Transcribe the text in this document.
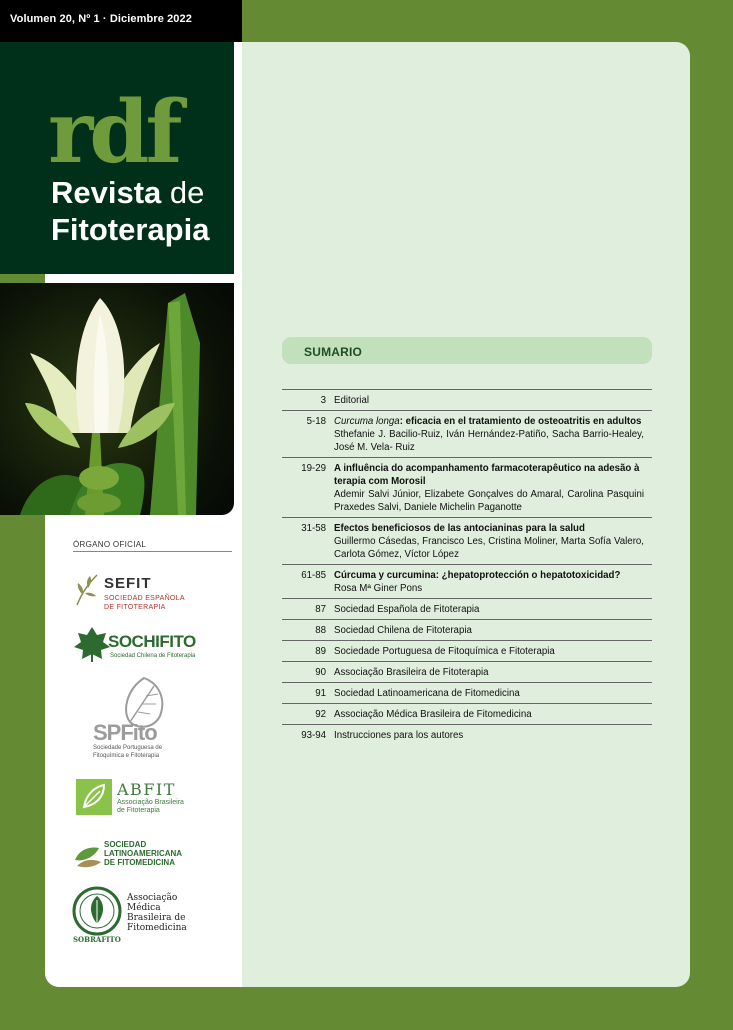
Volumen 20, Nº 1 · Diciembre 2022
rdf
Revista de
Fitoterapia
ÓRGANO OFICIAL
SEFIT
SOCIEDAD ESPAÑOLA
DE FITOTERAPIA
SOCHIFITO
Sociedad Chilena de Fitoterapia
SPFito
Sociedade Portuguesa de
Fitoquímica e Fitoterapia
ABFIT
Associação Brasileira
de Fitoterapia
SOCIEDAD
LATINOAMERICANA
DE FITOMEDICINA
Associação
Médica
Brasileira de
Fitomedicina
SOBRAFITO
SUMARIO
3 Editorial
5-18 Curcuma longa: eficacia en el tratamiento de osteoatritis en adultos
Sthefanie J. Bacilio-Ruiz, Iván Hernández-Patiño, Sacha Barrio-Healey, José M. Vela- Ruiz
19-29 A influência do acompanhamento farmacoterapêutico na adesão à terapia com Morosil
Ademir Salvi Júnior, Elizabete Gonçalves do Amaral, Carolina Pasquini Praxedes Salvi, Daniele Michelin Paganotte
31-58 Efectos beneficiosos de las antocianinas para la salud
Guillermo Cásedas, Francisco Les, Cristina Moliner, Marta Sofía Valero, Carlota Gómez, Víctor López
61-85 Cúrcuma y curcumina: ¿hepatoprotección o hepatotoxicidad?
Rosa Mª Giner Pons
87 Sociedad Española de Fitoterapia
88 Sociedad Chilena de Fitoterapia
89 Sociedade Portuguesa de Fitoquímica e Fitoterapia
90 Associação Brasileira de Fitoterapia
91 Sociedad Latinoamericana de Fitomedicina
92 Associação Médica Brasileira de Fitomedicina
93-94 Instrucciones para los autores
